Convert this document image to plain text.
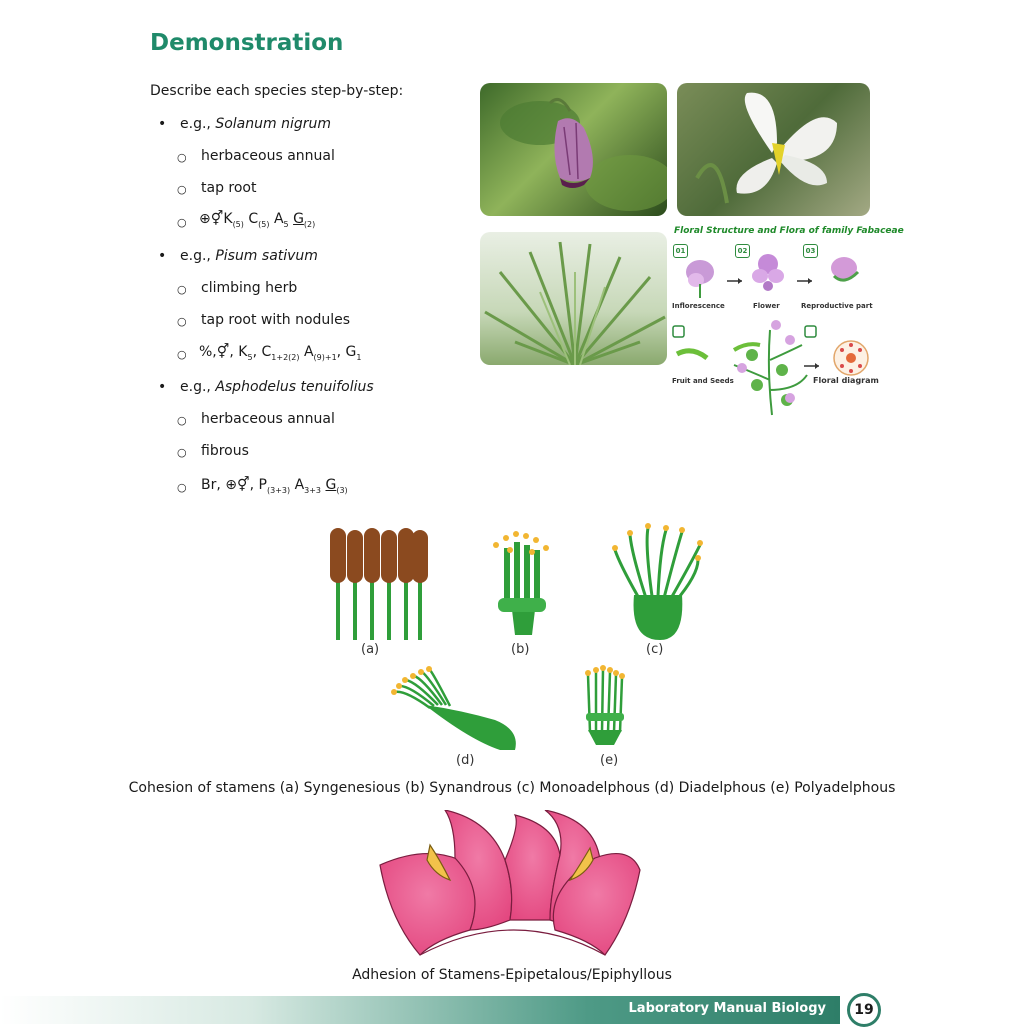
Demonstration
Describe each species step-by-step:
• e.g., Solanum nigrum
○ herbaceous annual
○ tap root
○ $\oplus⚥K_{(5)}$ $C_{(5)}$ $A_5$ $G_{(2)}$
• e.g., Pisum sativum
○ climbing herb
○ tap root with nodules
○ %,⚥, $K_5$, $C_{1+2(2)}$ $A_{(9)+1}$, $G_1$
• e.g., Asphodelus tenuifolius
○ herbaceous annual
○ fibrous
○ Br, ⊕⚥, $P_{(3+3)}$ $A_{3+3}$ $G_{(3)}$
Floral Structure and Flora of family Fabaceae
01	02	03
Inflorescence	Flower	Reproductive part
Fruit and Seeds	Floral diagram
(a)	(b)	(c)
(d)	(e)
Cohesion of stamens (a) Syngenesious (b) Synandrous (c) Monoadelphous (d) Diadelphous (e) Polyadelphous
Adhesion of Stamens-Epipetalous/Epiphyllous
Laboratory Manual Biology	19
